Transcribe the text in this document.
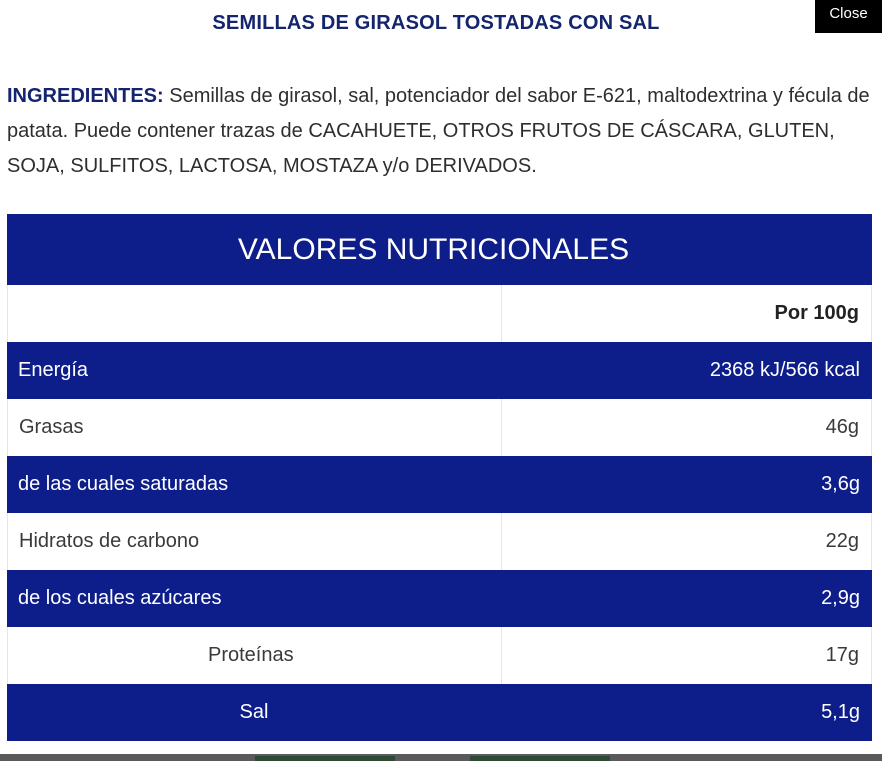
SEMILLAS DE GIRASOL TOSTADAS CON SAL	Close

INGREDIENTES: Semillas de girasol, sal, potenciador del sabor E-621, maltodextrina y fécula de patata. Puede contener trazas de CACAHUETE, OTROS FRUTOS DE CÁSCARA, GLUTEN, SOJA, SULFITOS, LACTOSA, MOSTAZA y/o DERIVADOS.

VALORES NUTRICIONALES
Por 100g
Energía	2368 kJ/566 kcal
Grasas	46g
de las cuales saturadas	3,6g
Hidratos de carbono	22g
de los cuales azúcares	2,9g
Proteínas	17g
Sal	5,1g
